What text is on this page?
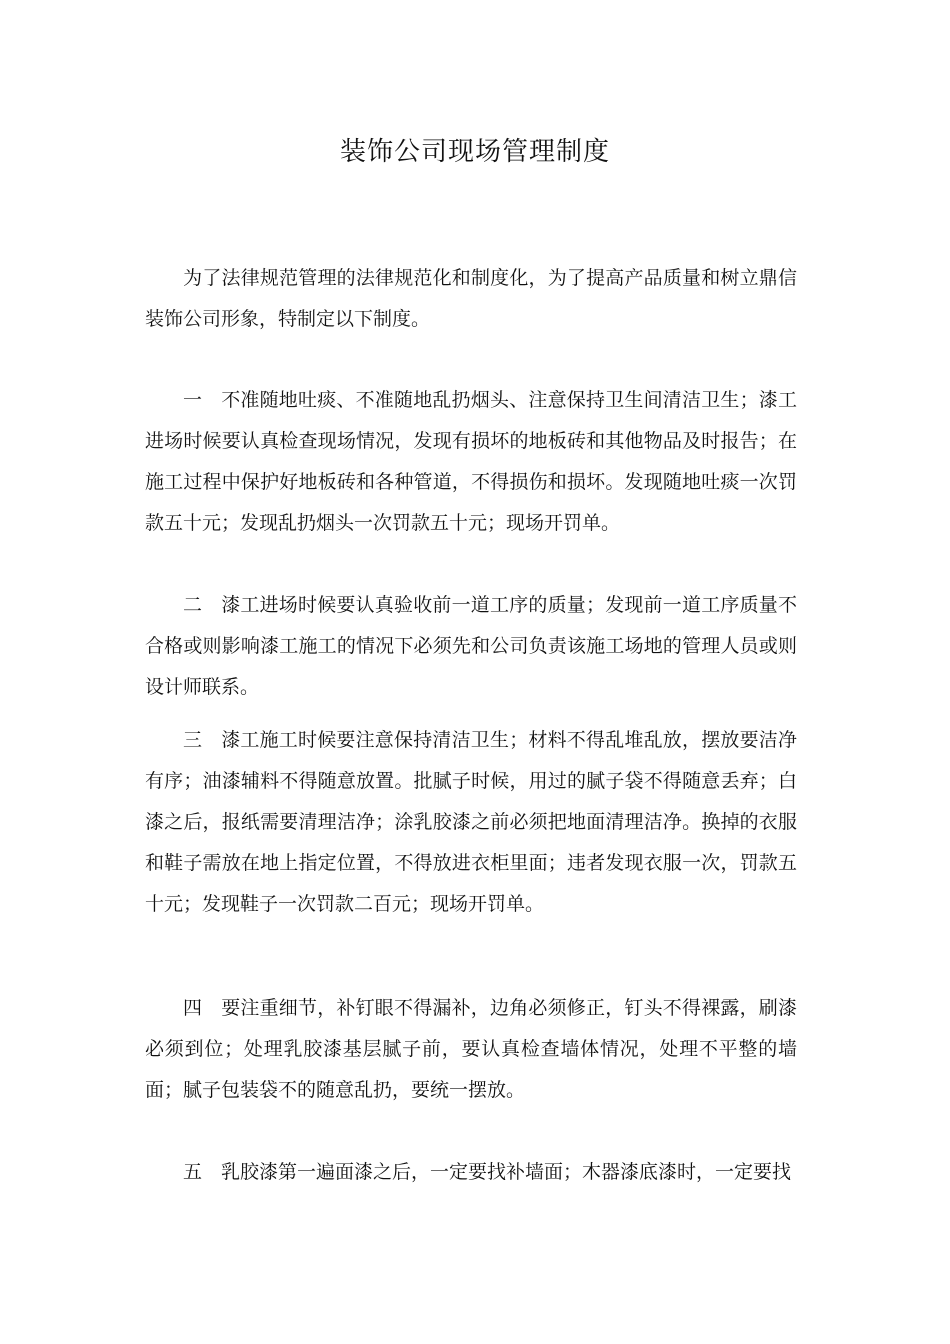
装饰公司现场管理制度

为了法律规范管理的法律规范化和制度化，为了提高产品质量和树立鼎信装饰公司形象，特制定以下制度。

一 不准随地吐痰、不准随地乱扔烟头、注意保持卫生间清洁卫生；漆工进场时候要认真检查现场情况，发现有损坏的地板砖和其他物品及时报告；在施工过程中保护好地板砖和各种管道，不得损伤和损坏。发现随地吐痰一次罚款五十元；发现乱扔烟头一次罚款五十元；现场开罚单。

二 漆工进场时候要认真验收前一道工序的质量；发现前一道工序质量不合格或则影响漆工施工的情况下必须先和公司负责该施工场地的管理人员或则设计师联系。

三 漆工施工时候要注意保持清洁卫生；材料不得乱堆乱放，摆放要洁净有序；油漆辅料不得随意放置。批腻子时候，用过的腻子袋不得随意丢弃；白漆之后，报纸需要清理洁净；涂乳胶漆之前必须把地面清理洁净。换掉的衣服和鞋子需放在地上指定位置，不得放进衣柜里面；违者发现衣服一次，罚款五十元；发现鞋子一次罚款二百元；现场开罚单。

四 要注重细节，补钉眼不得漏补，边角必须修正，钉头不得裸露，刷漆必须到位；处理乳胶漆基层腻子前，要认真检查墙体情况，处理不平整的墙面；腻子包装袋不的随意乱扔，要统一摆放。

五 乳胶漆第一遍面漆之后，一定要找补墙面；木器漆底漆时，一定要找
